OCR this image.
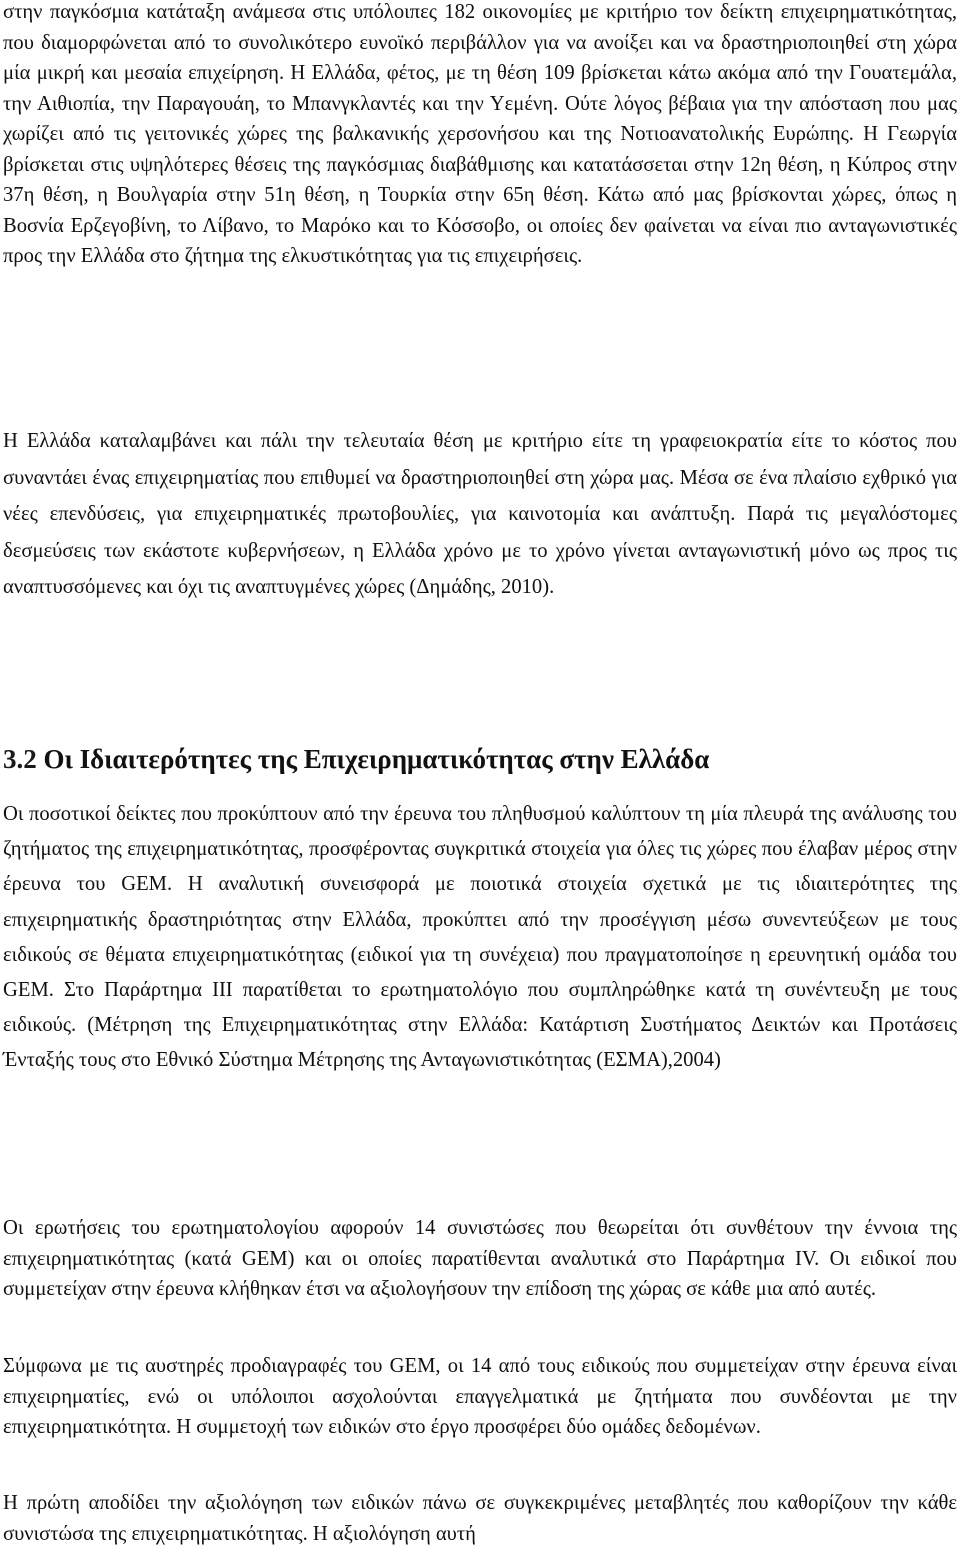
στην παγκόσμια κατάταξη ανάμεσα στις υπόλοιπες 182 οικονομίες με κριτήριο τον δείκτη επιχειρηματικότητας, που διαμορφώνεται από το συνολικότερο ευνοϊκό περιβάλλον για να ανοίξει και να δραστηριοποιηθεί στη χώρα μία μικρή και μεσαία επιχείρηση. Η Ελλάδα, φέτος, με τη θέση 109 βρίσκεται κάτω ακόμα από την Γουατεμάλα, την Αιθιοπία, την Παραγουάη, το Μπανγκλαντές και την Υεμένη. Ούτε λόγος βέβαια για την απόσταση που μας χωρίζει από τις γειτονικές χώρες της βαλκανικής χερσονήσου και της Νοτιοανατολικής Ευρώπης. Η Γεωργία βρίσκεται στις υψηλότερες θέσεις της παγκόσμιας διαβάθμισης και κατατάσσεται στην 12η θέση, η Κύπρος στην 37η θέση, η Βουλγαρία στην 51η θέση, η Τουρκία στην 65η θέση. Κάτω από μας βρίσκονται χώρες, όπως η Βοσνία Ερζεγοβίνη, το Λίβανο, το Μαρόκο και το Κόσσοβο, οι οποίες δεν φαίνεται να είναι πιο ανταγωνιστικές προς την Ελλάδα στο ζήτημα της ελκυστικότητας για τις επιχειρήσεις.

Η Ελλάδα καταλαμβάνει και πάλι την τελευταία θέση με κριτήριο είτε τη γραφειοκρατία είτε το κόστος που συναντάει ένας επιχειρηματίας που επιθυμεί να δραστηριοποιηθεί στη χώρα μας. Μέσα σε ένα πλαίσιο εχθρικό για νέες επενδύσεις, για επιχειρηματικές πρωτοβουλίες, για καινοτομία και ανάπτυξη. Παρά τις μεγαλόστομες δεσμεύσεις των εκάστοτε κυβερνήσεων, η Ελλάδα χρόνο με το χρόνο γίνεται ανταγωνιστική μόνο ως προς τις αναπτυσσόμενες και όχι τις αναπτυγμένες χώρες (Δημάδης, 2010).

3.2 Οι Ιδιαιτερότητες της Επιχειρηματικότητας στην Ελλάδα

Οι ποσοτικοί δείκτες που προκύπτουν από την έρευνα του πληθυσμού καλύπτουν τη μία πλευρά της ανάλυσης του ζητήματος της επιχειρηματικότητας, προσφέροντας συγκριτικά στοιχεία για όλες τις χώρες που έλαβαν μέρος στην έρευνα του GEM. Η αναλυτική συνεισφορά με ποιοτικά στοιχεία σχετικά με τις ιδιαιτερότητες της επιχειρηματικής δραστηριότητας στην Ελλάδα, προκύπτει από την προσέγγιση μέσω συνεντεύξεων με τους ειδικούς σε θέματα επιχειρηματικότητας (ειδικοί για τη συνέχεια) που πραγματοποίησε η ερευνητική ομάδα του GEM. Στο Παράρτημα ΙΙΙ παρατίθεται το ερωτηματολόγιο που συμπληρώθηκε κατά τη συνέντευξη με τους ειδικούς. (Μέτρηση της Επιχειρηματικότητας στην Ελλάδα: Κατάρτιση Συστήματος Δεικτών και Προτάσεις Ένταξής τους στο Εθνικό Σύστημα Μέτρησης της Ανταγωνιστικότητας (ΕΣΜΑ),2004)

Οι ερωτήσεις του ερωτηματολογίου αφορούν 14 συνιστώσες που θεωρείται ότι συνθέτουν την έννοια της επιχειρηματικότητας (κατά GEM) και οι οποίες παρατίθενται αναλυτικά στο Παράρτημα IV. Οι ειδικοί που συμμετείχαν στην έρευνα κλήθηκαν έτσι να αξιολογήσουν την επίδοση της χώρας σε κάθε μια από αυτές.

Σύμφωνα με τις αυστηρές προδιαγραφές του GEM, οι 14 από τους ειδικούς που συμμετείχαν στην έρευνα είναι επιχειρηματίες, ενώ οι υπόλοιποι ασχολούνται επαγγελματικά με ζητήματα που συνδέονται με την επιχειρηματικότητα. Η συμμετοχή των ειδικών στο έργο προσφέρει δύο ομάδες δεδομένων.

Η πρώτη αποδίδει την αξιολόγηση των ειδικών πάνω σε συγκεκριμένες μεταβλητές που καθορίζουν την κάθε συνιστώσα της επιχειρηματικότητας. Η αξιολόγηση αυτή
